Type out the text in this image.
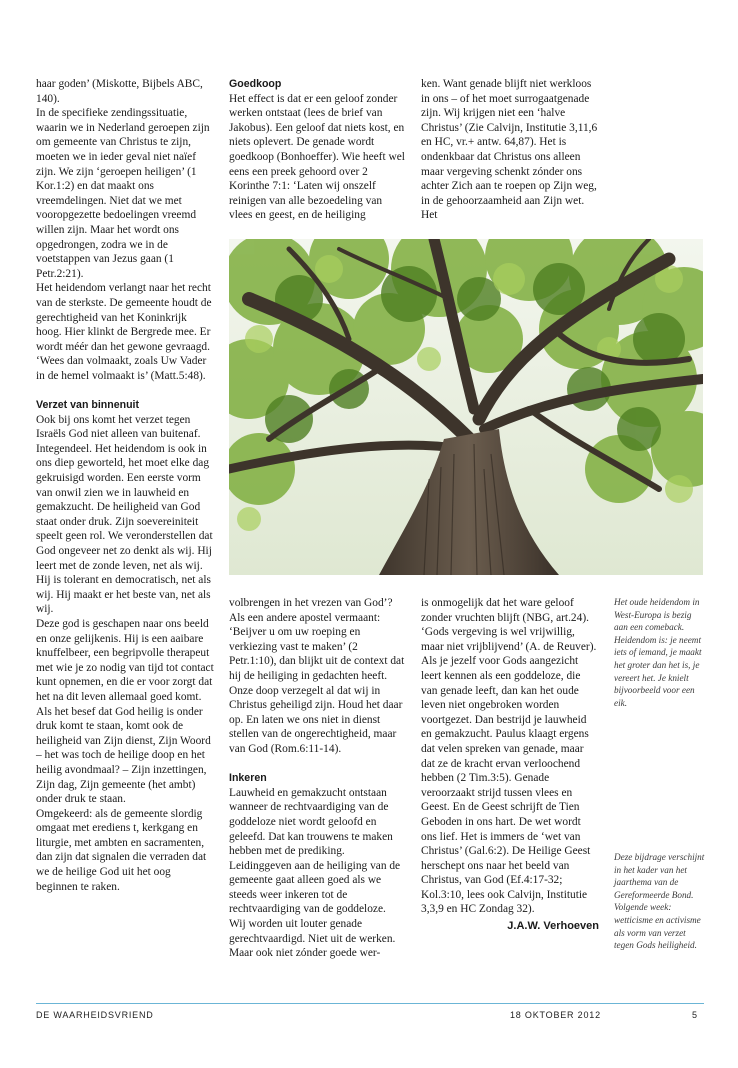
haar goden’ (Miskotte, Bijbels ABC, 140).

In de specifieke zendingssituatie, waarin we in Nederland geroepen zijn om gemeente van Christus te zijn, moeten we in ieder geval niet naïef zijn. We zijn ‘geroepen heiligen’ (1 Kor.1:2) en dat maakt ons vreemdelingen. Niet dat we met vooropgezette bedoelingen vreemd willen zijn. Maar het wordt ons opgedrongen, zodra we in de voetstappen van Jezus gaan (1 Petr.2:21).

Het heidendom verlangt naar het recht van de sterkste. De gemeente houdt de gerechtigheid van het Koninkrijk hoog. Hier klinkt de Bergrede mee. Er wordt méér dan het gewone gevraagd. ‘Wees dan volmaakt, zoals Uw Vader in de hemel volmaakt is’ (Matt.5:48).

Verzet van binnenuit

Ook bij ons komt het verzet tegen Israëls God niet alleen van buitenaf. Integendeel. Het heidendom is ook in ons diep geworteld, het moet elke dag gekruisigd worden. Een eerste vorm van onwil zien we in lauwheid en gemakzucht. De heiligheid van God staat onder druk. Zijn soevereiniteit speelt geen rol. We veronderstellen dat God ongeveer net zo denkt als wij. Hij leert met de zonde leven, net als wij. Hij is tolerant en democratisch, net als wij. Hij maakt er het beste van, net als wij.

Deze god is geschapen naar ons beeld en onze gelijkenis. Hij is een aaibare knuffelbeer, een begripvolle therapeut met wie je zo nodig van tijd tot contact kunt opnemen, en die er voor zorgt dat het na dit leven allemaal goed komt.

Als het besef dat God heilig is onder druk komt te staan, komt ook de heiligheid van Zijn dienst, Zijn Woord – het was toch de heilige doop en het heilig avondmaal? – Zijn inzettingen, Zijn dag, Zijn gemeente (het ambt) onder druk te staan.

Omgekeerd: als de gemeente slordig omgaat met erediens t, kerkgang en liturgie, met ambten en sacramenten, dan zijn dat signalen die verraden dat we de heilige God uit het oog beginnen te raken.

Goedkoop

Het effect is dat er een geloof zonder werken ontstaat (lees de brief van Jakobus). Een geloof dat niets kost, en niets oplevert. De genade wordt goedkoop (Bonhoeffer). Wie heeft wel eens een preek gehoord over 2 Korinthe 7:1: ‘Laten wij onszelf reinigen van alle bezoedeling van vlees en geest, en de heiliging

ken. Want genade blijft niet werkloos in ons – of het moet surrogaatgenade zijn. Wij krijgen niet een ‘halve Christus’ (Zie Calvijn, Institutie 3,11,6 en HC, vr.+ antw. 64,87). Het is ondenkbaar dat Christus ons alleen maar vergeving schenkt zónder ons achter Zich aan te roepen op Zijn weg, in de gehoorzaamheid aan Zijn wet. Het

volbrengen in het vrezen van God’? Als een andere apostel vermaant: ‘Beijver u om uw roeping en verkiezing vast te maken’ (2 Petr.1:10), dan blijkt uit de context dat hij de heiliging in gedachten heeft. Onze doop verzegelt al dat wij in Christus geheiligd zijn. Houd het daar op. En laten we ons niet in dienst stellen van de ongerechtigheid, maar van God (Rom.6:11-14).

Inkeren

Lauwheid en gemakzucht ontstaan wanneer de rechtvaardiging van de goddeloze niet wordt geloofd en geleefd. Dat kan trouwens te maken hebben met de prediking. Leidinggeven aan de heiliging van de gemeente gaat alleen goed als we steeds weer inkeren tot de rechtvaardiging van de goddeloze.

Wij worden uit louter genade gerechtvaardigd. Niet uit de werken. Maar ook niet zónder goede wer-

is onmogelijk dat het ware geloof zonder vruchten blijft (NBG, art.24). ‘Gods vergeving is wel vrijwillig, maar niet vrijblijvend’ (A. de Reuver).

Als je jezelf voor Gods aangezicht leert kennen als een goddeloze, die van genade leeft, dan kan het oude leven niet ongebroken worden voortgezet. Dan bestrijd je lauwheid en gemakzucht. Paulus klaagt ergens dat velen spreken van genade, maar dat ze de kracht ervan verloochend hebben (2 Tim.3:5). Genade veroorzaakt strijd tussen vlees en Geest. En de Geest schrijft de Tien Geboden in ons hart. De wet wordt ons lief. Het is immers de ‘wet van Christus’ (Gal.6:2). De Heilige Geest herschept ons naar het beeld van Christus, van God (Ef.4:17-32; Kol.3:10, lees ook Calvijn, Institutie 3,3,9 en HC Zondag 32).

J.A.W. Verhoeven

Het oude heidendom in West-Europa is bezig aan een comeback. Heidendom is: je neemt iets of iemand, je maakt het groter dan het is, je vereert het. Je knielt bijvoorbeeld voor een eik.
Deze bijdrage verschijnt in het kader van het jaarthema van de Gereformeerde Bond. Volgende week: wetticisme en activisme als vorm van verzet tegen Gods heiligheid.
DE WAARHEIDSVRIEND	18 OKTOBER 2012	5
